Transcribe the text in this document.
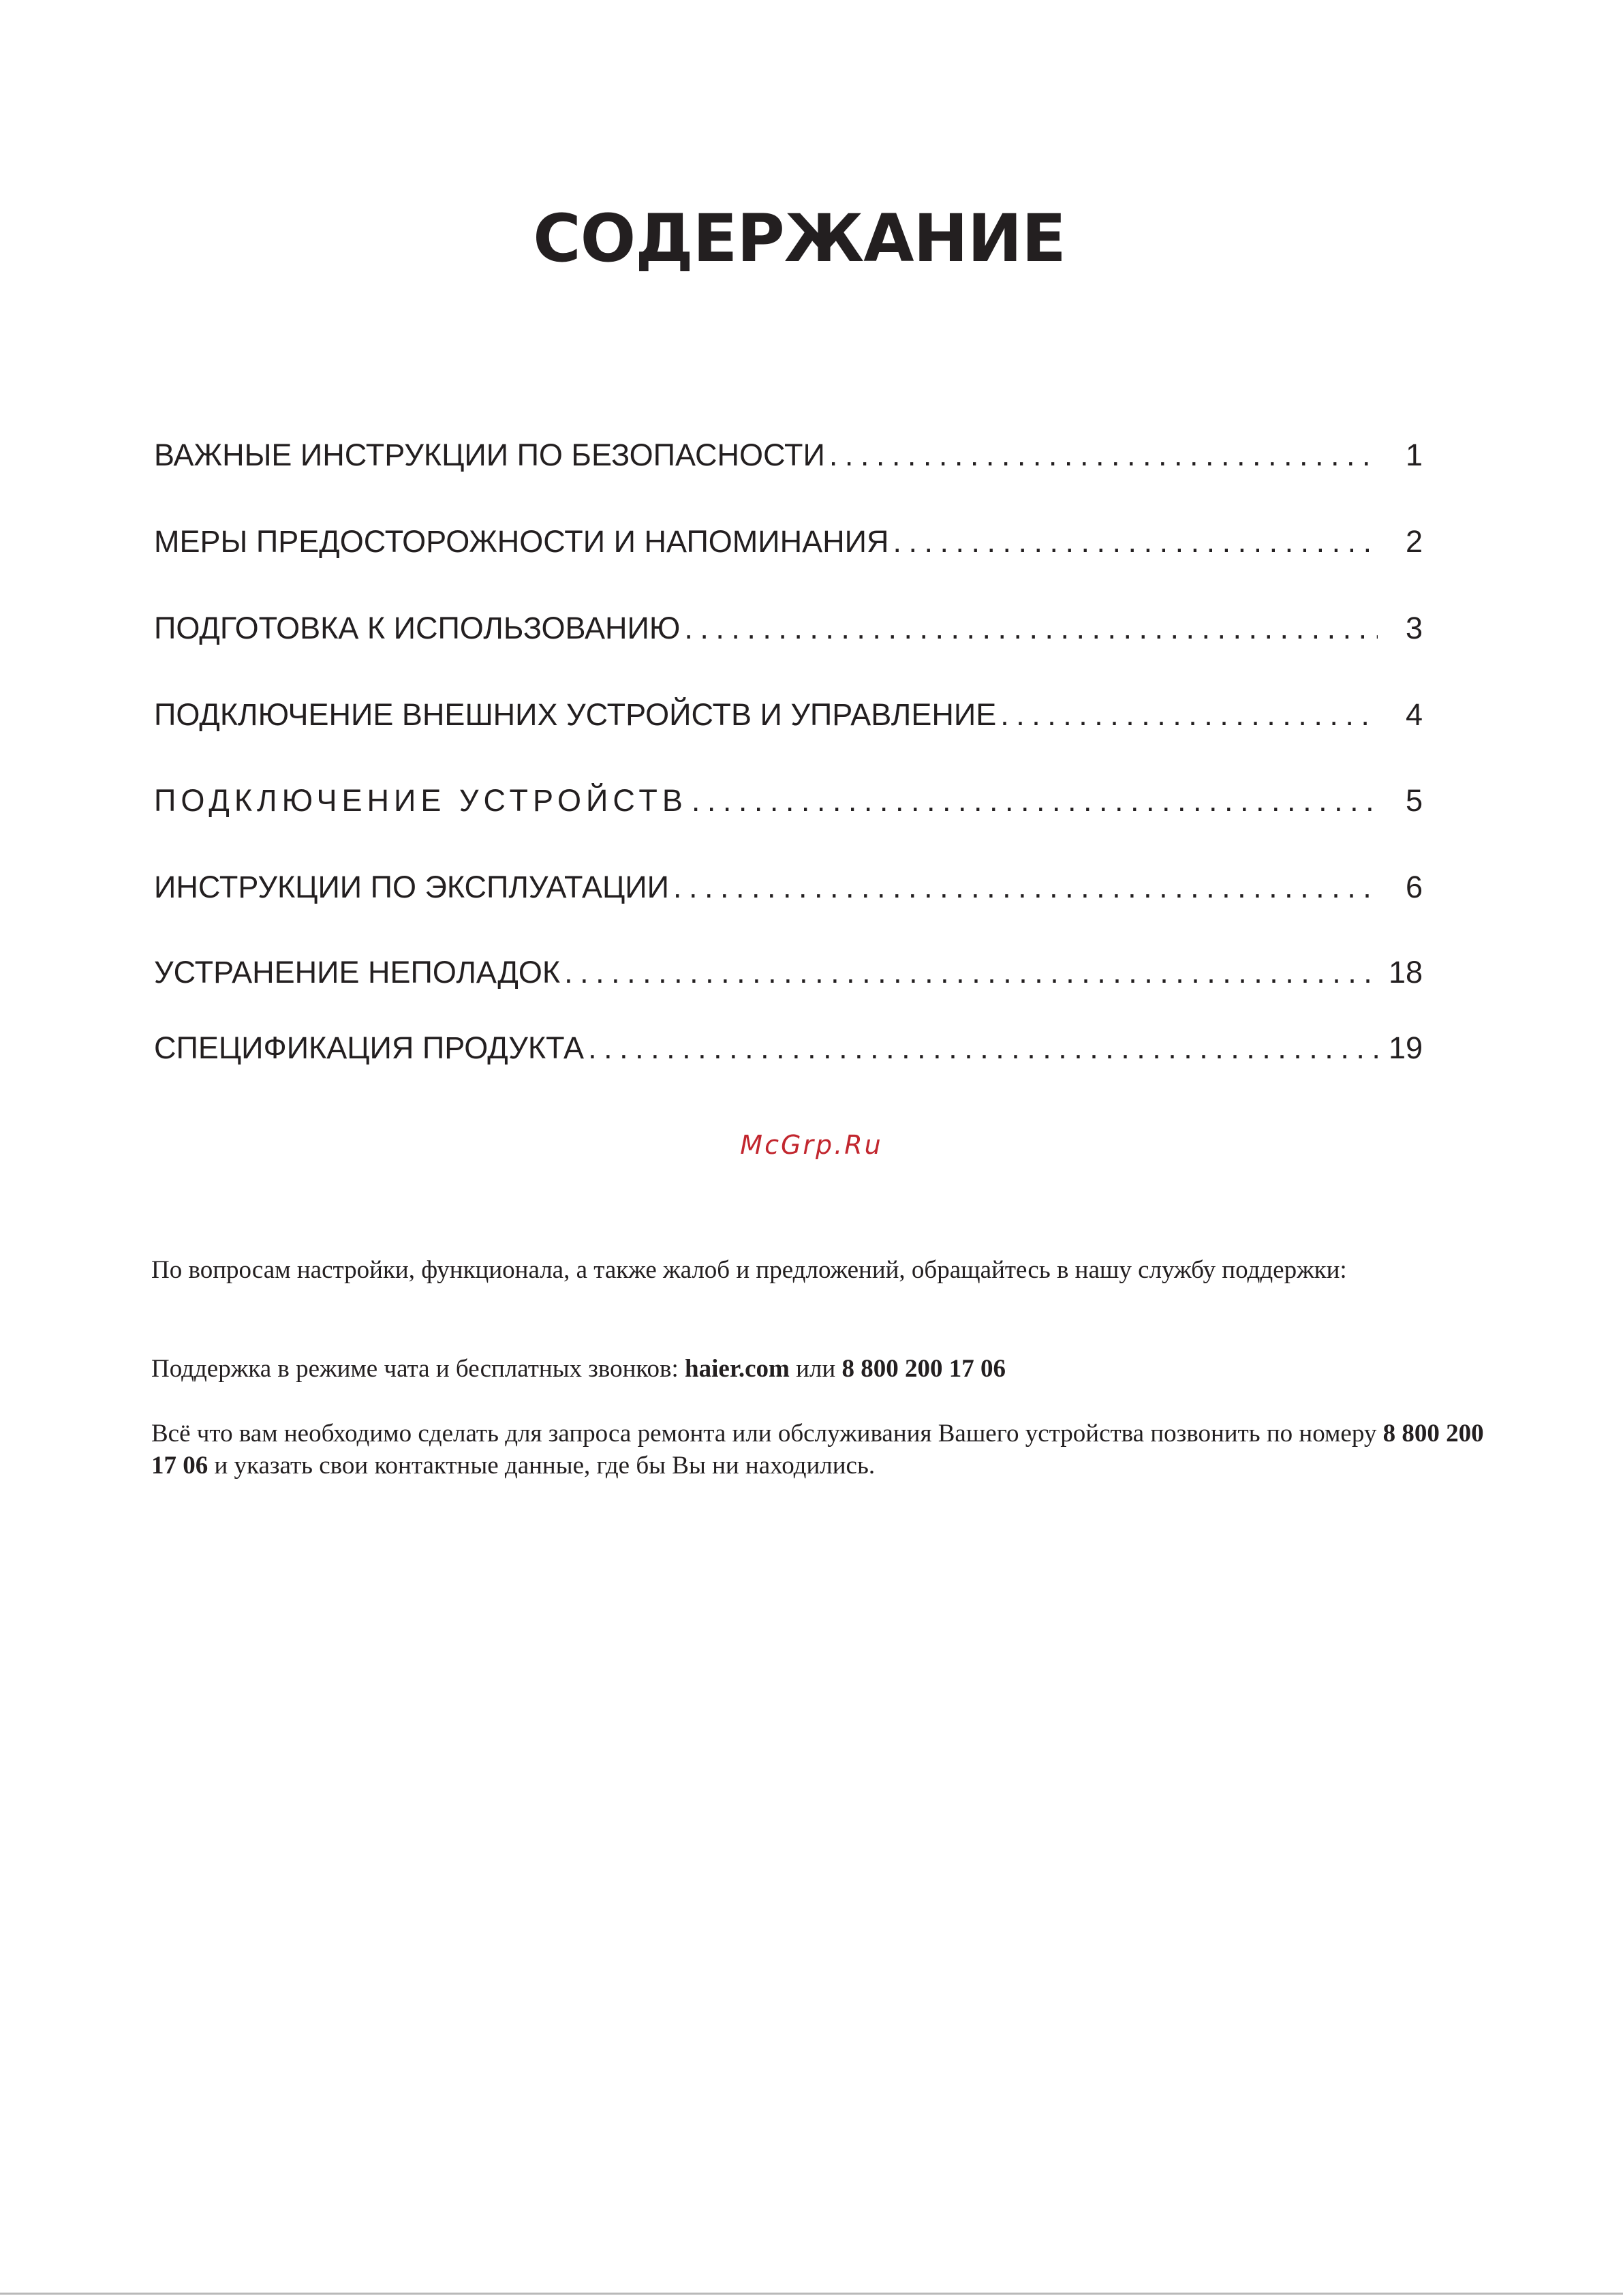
СОДЕРЖАНИЕ
ВАЖНЫЕ ИНСТРУКЦИИ ПО БЕЗОПАСНОСТИ . . .	1
МЕРЫ ПРЕДОСТОРОЖНОСТИ И НАПОМИНАНИЯ . . .	2
ПОДГОТОВКА К ИСПОЛЬЗОВАНИЮ . . .	3
ПОДКЛЮЧЕНИЕ ВНЕШНИХ УСТРОЙСТВ И УПРАВЛЕНИЕ . . .	4
ПОДКЛЮЧЕНИЕ УСТРОЙСТВ . . .	5
ИНСТРУКЦИИ ПО ЭКСПЛУАТАЦИИ . . .	6
УСТРАНЕНИЕ НЕПОЛАДОК . . .	18
СПЕЦИФИКАЦИЯ ПРОДУКТА . . .	19
McGrp.Ru

По вопросам настройки, функционала, а также жалоб и предложений, обращайтесь в нашу службу поддержки:

Поддержка в режиме чата и бесплатных звонков: haier.com или 8 800 200 17 06

Всё что вам необходимо сделать для запроса ремонта или обслуживания Вашего устройства позвонить по номеру 8 800 200 17 06 и указать свои контактные данные, где бы Вы ни находились.
